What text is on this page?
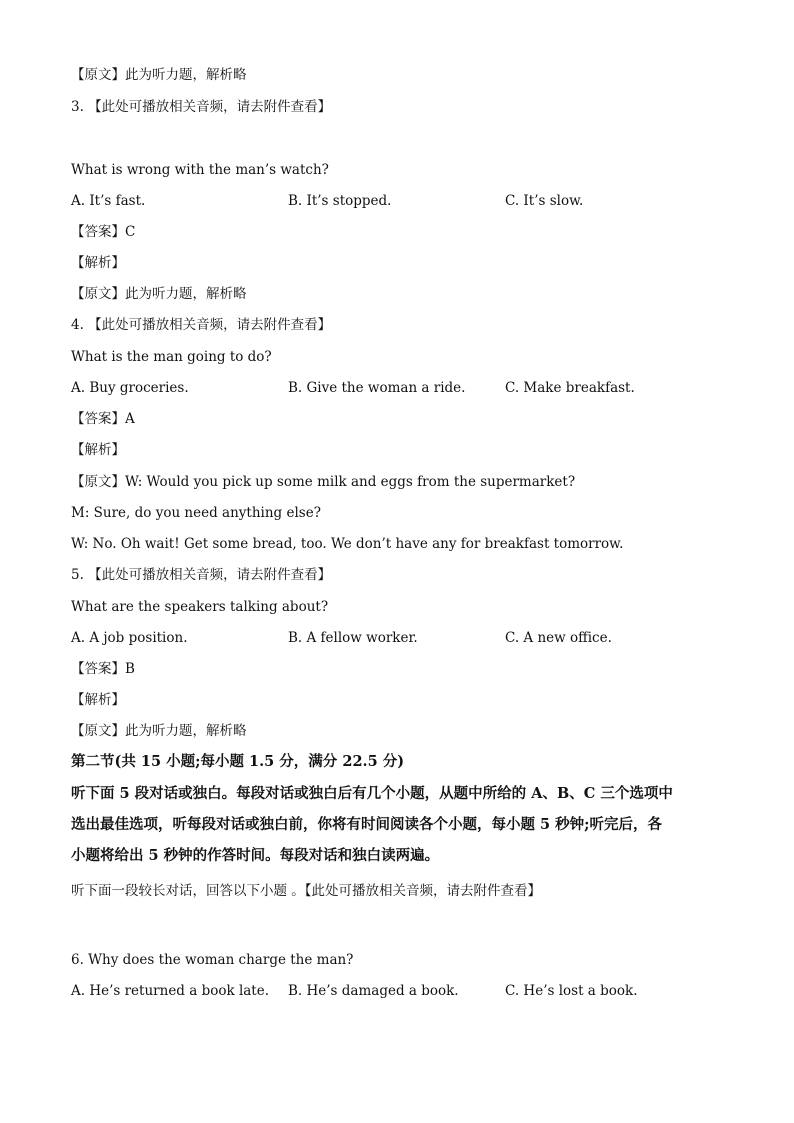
【原文】此为听力题，解析略
3. 【此处可播放相关音频，请去附件查看】
What is wrong with the man’s watch?
A. It’s fast.	B. It’s stopped.	C. It’s slow.
【答案】C
【解析】
【原文】此为听力题，解析略
4. 【此处可播放相关音频，请去附件查看】
What is the man going to do?
A. Buy groceries.	B. Give the woman a ride.	C. Make breakfast.
【答案】A
【解析】
【原文】W: Would you pick up some milk and eggs from the supermarket?
M: Sure, do you need anything else?
W: No. Oh wait! Get some bread, too. We don’t have any for breakfast tomorrow.
5. 【此处可播放相关音频，请去附件查看】
What are the speakers talking about?
A. A job position.	B. A fellow worker.	C. A new office.
【答案】B
【解析】
【原文】此为听力题，解析略
第二节(共 15 小题;每小题 1.5 分，满分 22.5 分)
听下面 5 段对话或独白。每段对话或独白后有几个小题，从题中所给的 A、B、C 三个选项中
选出最佳选项，听每段对话或独白前，你将有时间阅读各个小题，每小题 5 秒钟;听完后，各
小题将给出 5 秒钟的作答时间。每段对话和独白读两遍。
听下面一段较长对话，回答以下小题 。【此处可播放相关音频，请去附件查看】
6. Why does the woman charge the man?
A. He’s returned a book late. B. He’s damaged a book.	C. He’s lost a book.
